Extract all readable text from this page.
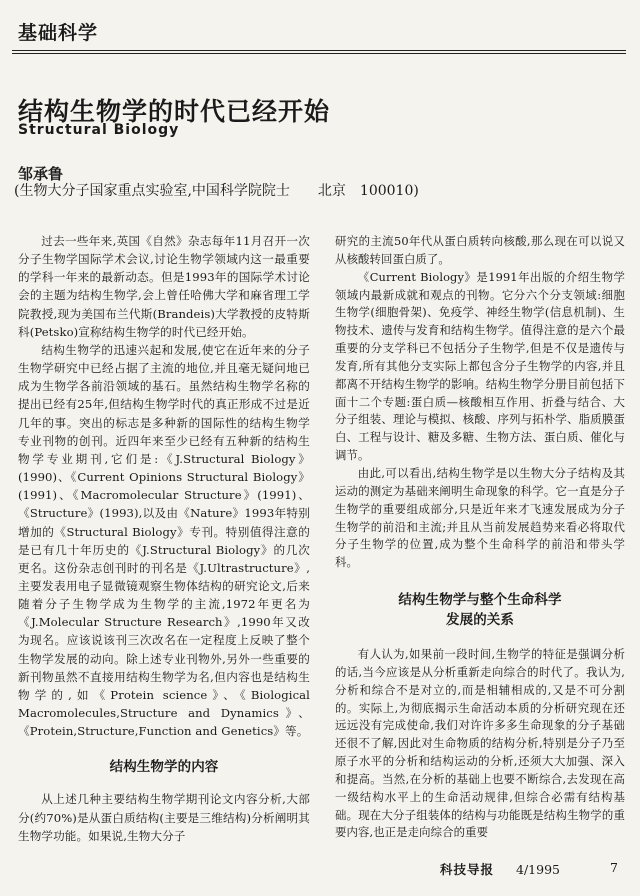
基础科学
结构生物学的时代已经开始
Structural Biology
邹承鲁
(生物大分子国家重点实验室,中国科学院院士　　北京　100010)

过去一些年来,英国《自然》杂志每年11月召开一次分子生物学国际学术会议,讨论生物学领域内这一最重要的学科一年来的最新动态。但是1993年的国际学术讨论会的主题为结构生物学,会上曾任哈佛大学和麻省理工学院教授,现为美国布兰代斯(Brandeis)大学教授的皮特斯科(Petsko)宣称结构生物学的时代已经开始。

结构生物学的迅速兴起和发展,使它在近年来的分子生物学研究中已经占据了主流的地位,并且毫无疑问地已成为生物学各前沿领域的基石。虽然结构生物学名称的提出已经有25年,但结构生物学时代的真正形成不过是近几年的事。突出的标志是多种新的国际性的结构生物学专业刊物的创刊。近四年来至少已经有五种新的结构生物学专业期刊,它们是:《J.Structural Biology》(1990)、《Current Opinions Structural Biology》(1991)、《Macromolecular Structure》(1991)、《Structure》(1993),以及由《Nature》1993年特别增加的《Structural Biology》专刊。特别值得注意的是已有几十年历史的《J.Structural Biology》的几次更名。这份杂志创刊时的刊名是《J.Ultrastructure》,主要发表用电子显微镜观察生物体结构的研究论文,后来随着分子生物学成为生物学的主流,1972年更名为《J.Molecular Structure Research》,1990年又改为现名。应该说该刊三次改名在一定程度上反映了整个生物学发展的动向。除上述专业刊物外,另外一些重要的新刊物虽然不直接用结构生物学为名,但内容也是结构生物学的,如《Protein science》、《Biological Macromolecules,Structure and Dynamics》、《Protein,Structure,Function and Genetics》等。

结构生物学的内容

从上述几种主要结构生物学期刊论文内容分析,大部分(约70%)是从蛋白质结构(主要是三维结构)分析阐明其生物学功能。如果说,生物大分子

研究的主流50年代从蛋白质转向核酸,那么现在可以说又从核酸转回蛋白质了。

《Current Biology》是1991年出版的介绍生物学领域内最新成就和观点的刊物。它分六个分支领域:细胞生物学(细胞骨架)、免疫学、神经生物学(信息机制)、生物技术、遗传与发育和结构生物学。值得注意的是六个最重要的分支学科已不包括分子生物学,但是不仅是遗传与发育,所有其他分支实际上都包含分子生物学的内容,并且都离不开结构生物学的影响。结构生物学分册目前包括下面十二个专题:蛋白质—核酸相互作用、折叠与结合、大分子组装、理论与模拟、核酸、序列与拓朴学、脂质膜蛋白、工程与设计、糖及多糖、生物方法、蛋白质、催化与调节。

由此,可以看出,结构生物学是以生物大分子结构及其运动的测定为基础来阐明生命现象的科学。它一直是分子生物学的重要组成部分,只是近年来才飞速发展成为分子生物学的前沿和主流;并且从当前发展趋势来看必将取代分子生物学的位置,成为整个生命科学的前沿和带头学科。

结构生物学与整个生命科学
发展的关系

有人认为,如果前一段时间,生物学的特征是强调分析的话,当今应该是从分析重新走向综合的时代了。我认为,分析和综合不是对立的,而是相辅相成的,又是不可分割的。实际上,为彻底揭示生命活动本质的分析研究现在还远远没有完成使命,我们对许许多多生命现象的分子基础还很不了解,因此对生命物质的结构分析,特别是分子乃至原子水平的分析和结构运动的分析,还须大大加强、深入和提高。当然,在分析的基础上也要不断综合,去发现在高一级结构水平上的生命活动规律,但综合必需有结构基础。现在大分子组装体的结构与功能既是结构生物学的重要内容,也正是走向综合的重要

科技导报 4/1995	7
